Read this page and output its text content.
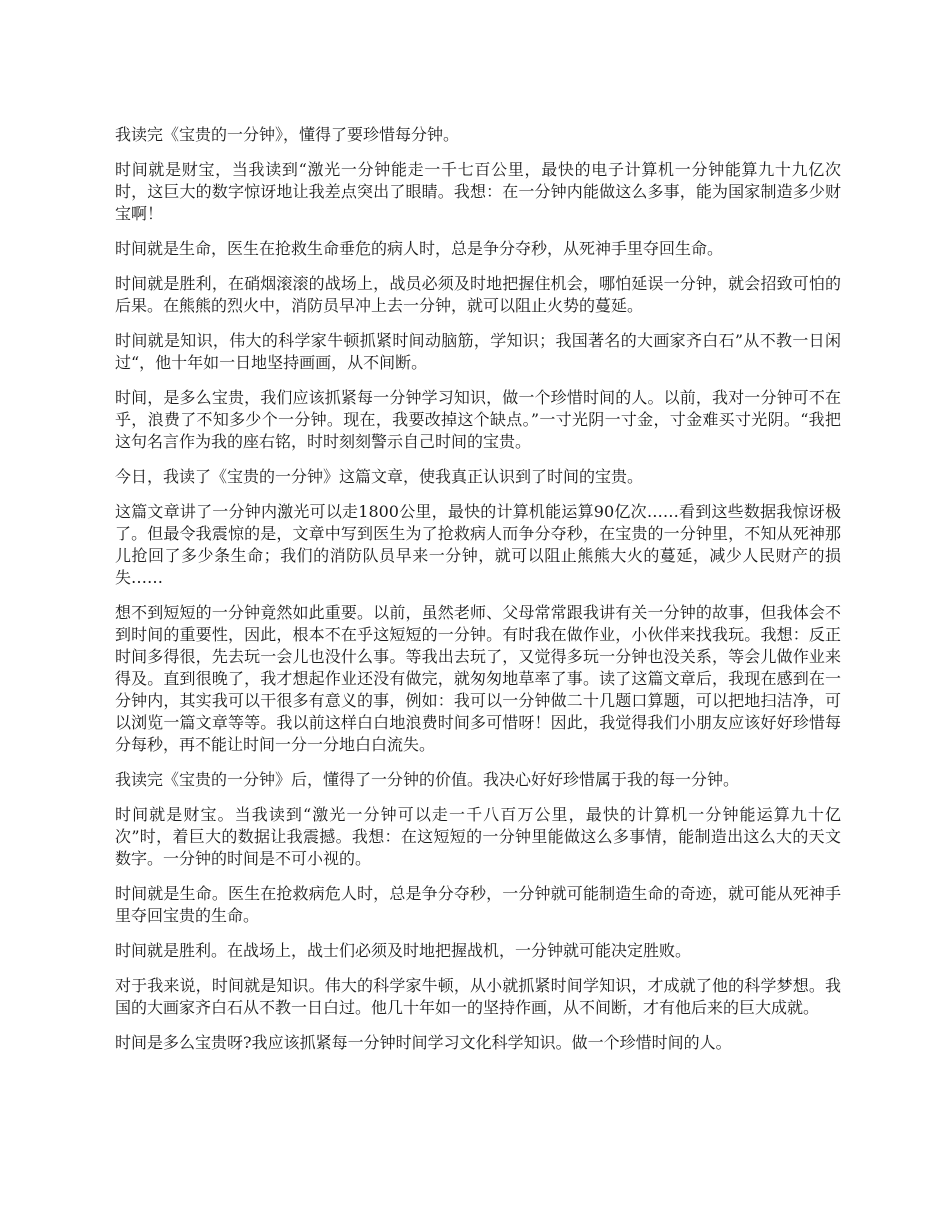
我读完《宝贵的一分钟》，懂得了要珍惜每分钟。

时间就是财宝，当我读到“激光一分钟能走一千七百公里，最快的电子计算机一分钟能算九十九亿次时，这巨大的数字惊讶地让我差点突出了眼睛。我想：在一分钟内能做这么多事，能为国家制造多少财宝啊！

时间就是生命，医生在抢救生命垂危的病人时，总是争分夺秒，从死神手里夺回生命。

时间就是胜利，在硝烟滚滚的战场上，战员必须及时地把握住机会，哪怕延误一分钟，就会招致可怕的后果。在熊熊的烈火中，消防员早冲上去一分钟，就可以阻止火势的蔓延。

时间就是知识，伟大的科学家牛顿抓紧时间动脑筋，学知识；我国著名的大画家齐白石”从不教一日闲过“，他十年如一日地坚持画画，从不间断。

时间，是多么宝贵，我们应该抓紧每一分钟学习知识，做一个珍惜时间的人。以前，我对一分钟可不在乎，浪费了不知多少个一分钟。现在，我要改掉这个缺点。”一寸光阴一寸金，寸金难买寸光阴。“我把这句名言作为我的座右铭，时时刻刻警示自己时间的宝贵。

今日，我读了《宝贵的一分钟》这篇文章，使我真正认识到了时间的宝贵。

这篇文章讲了一分钟内激光可以走1800公里，最快的计算机能运算90亿次……看到这些数据我惊讶极了。但最令我震惊的是，文章中写到医生为了抢救病人而争分夺秒，在宝贵的一分钟里，不知从死神那儿抢回了多少条生命；我们的消防队员早来一分钟，就可以阻止熊熊大火的蔓延，减少人民财产的损失……

想不到短短的一分钟竟然如此重要。以前，虽然老师、父母常常跟我讲有关一分钟的故事，但我体会不到时间的重要性，因此，根本不在乎这短短的一分钟。有时我在做作业，小伙伴来找我玩。我想：反正时间多得很，先去玩一会儿也没什么事。等我出去玩了，又觉得多玩一分钟也没关系，等会儿做作业来得及。直到很晚了，我才想起作业还没有做完，就匆匆地草率了事。读了这篇文章后，我现在感到在一分钟内，其实我可以干很多有意义的事，例如：我可以一分钟做二十几题口算题，可以把地扫洁净，可以浏览一篇文章等等。我以前这样白白地浪费时间多可惜呀！因此，我觉得我们小朋友应该好好珍惜每分每秒，再不能让时间一分一分地白白流失。

我读完《宝贵的一分钟》后，懂得了一分钟的价值。我决心好好珍惜属于我的每一分钟。

时间就是财宝。当我读到“激光一分钟可以走一千八百万公里，最快的计算机一分钟能运算九十亿次”时，着巨大的数据让我震撼。我想：在这短短的一分钟里能做这么多事情，能制造出这么大的天文数字。一分钟的时间是不可小视的。

时间就是生命。医生在抢救病危人时，总是争分夺秒，一分钟就可能制造生命的奇迹，就可能从死神手里夺回宝贵的生命。

时间就是胜利。在战场上，战士们必须及时地把握战机，一分钟就可能决定胜败。

对于我来说，时间就是知识。伟大的科学家牛顿，从小就抓紧时间学知识，才成就了他的科学梦想。我国的大画家齐白石从不教一日白过。他几十年如一的坚持作画，从不间断，才有他后来的巨大成就。

时间是多么宝贵呀?我应该抓紧每一分钟时间学习文化科学知识。做一个珍惜时间的人。
